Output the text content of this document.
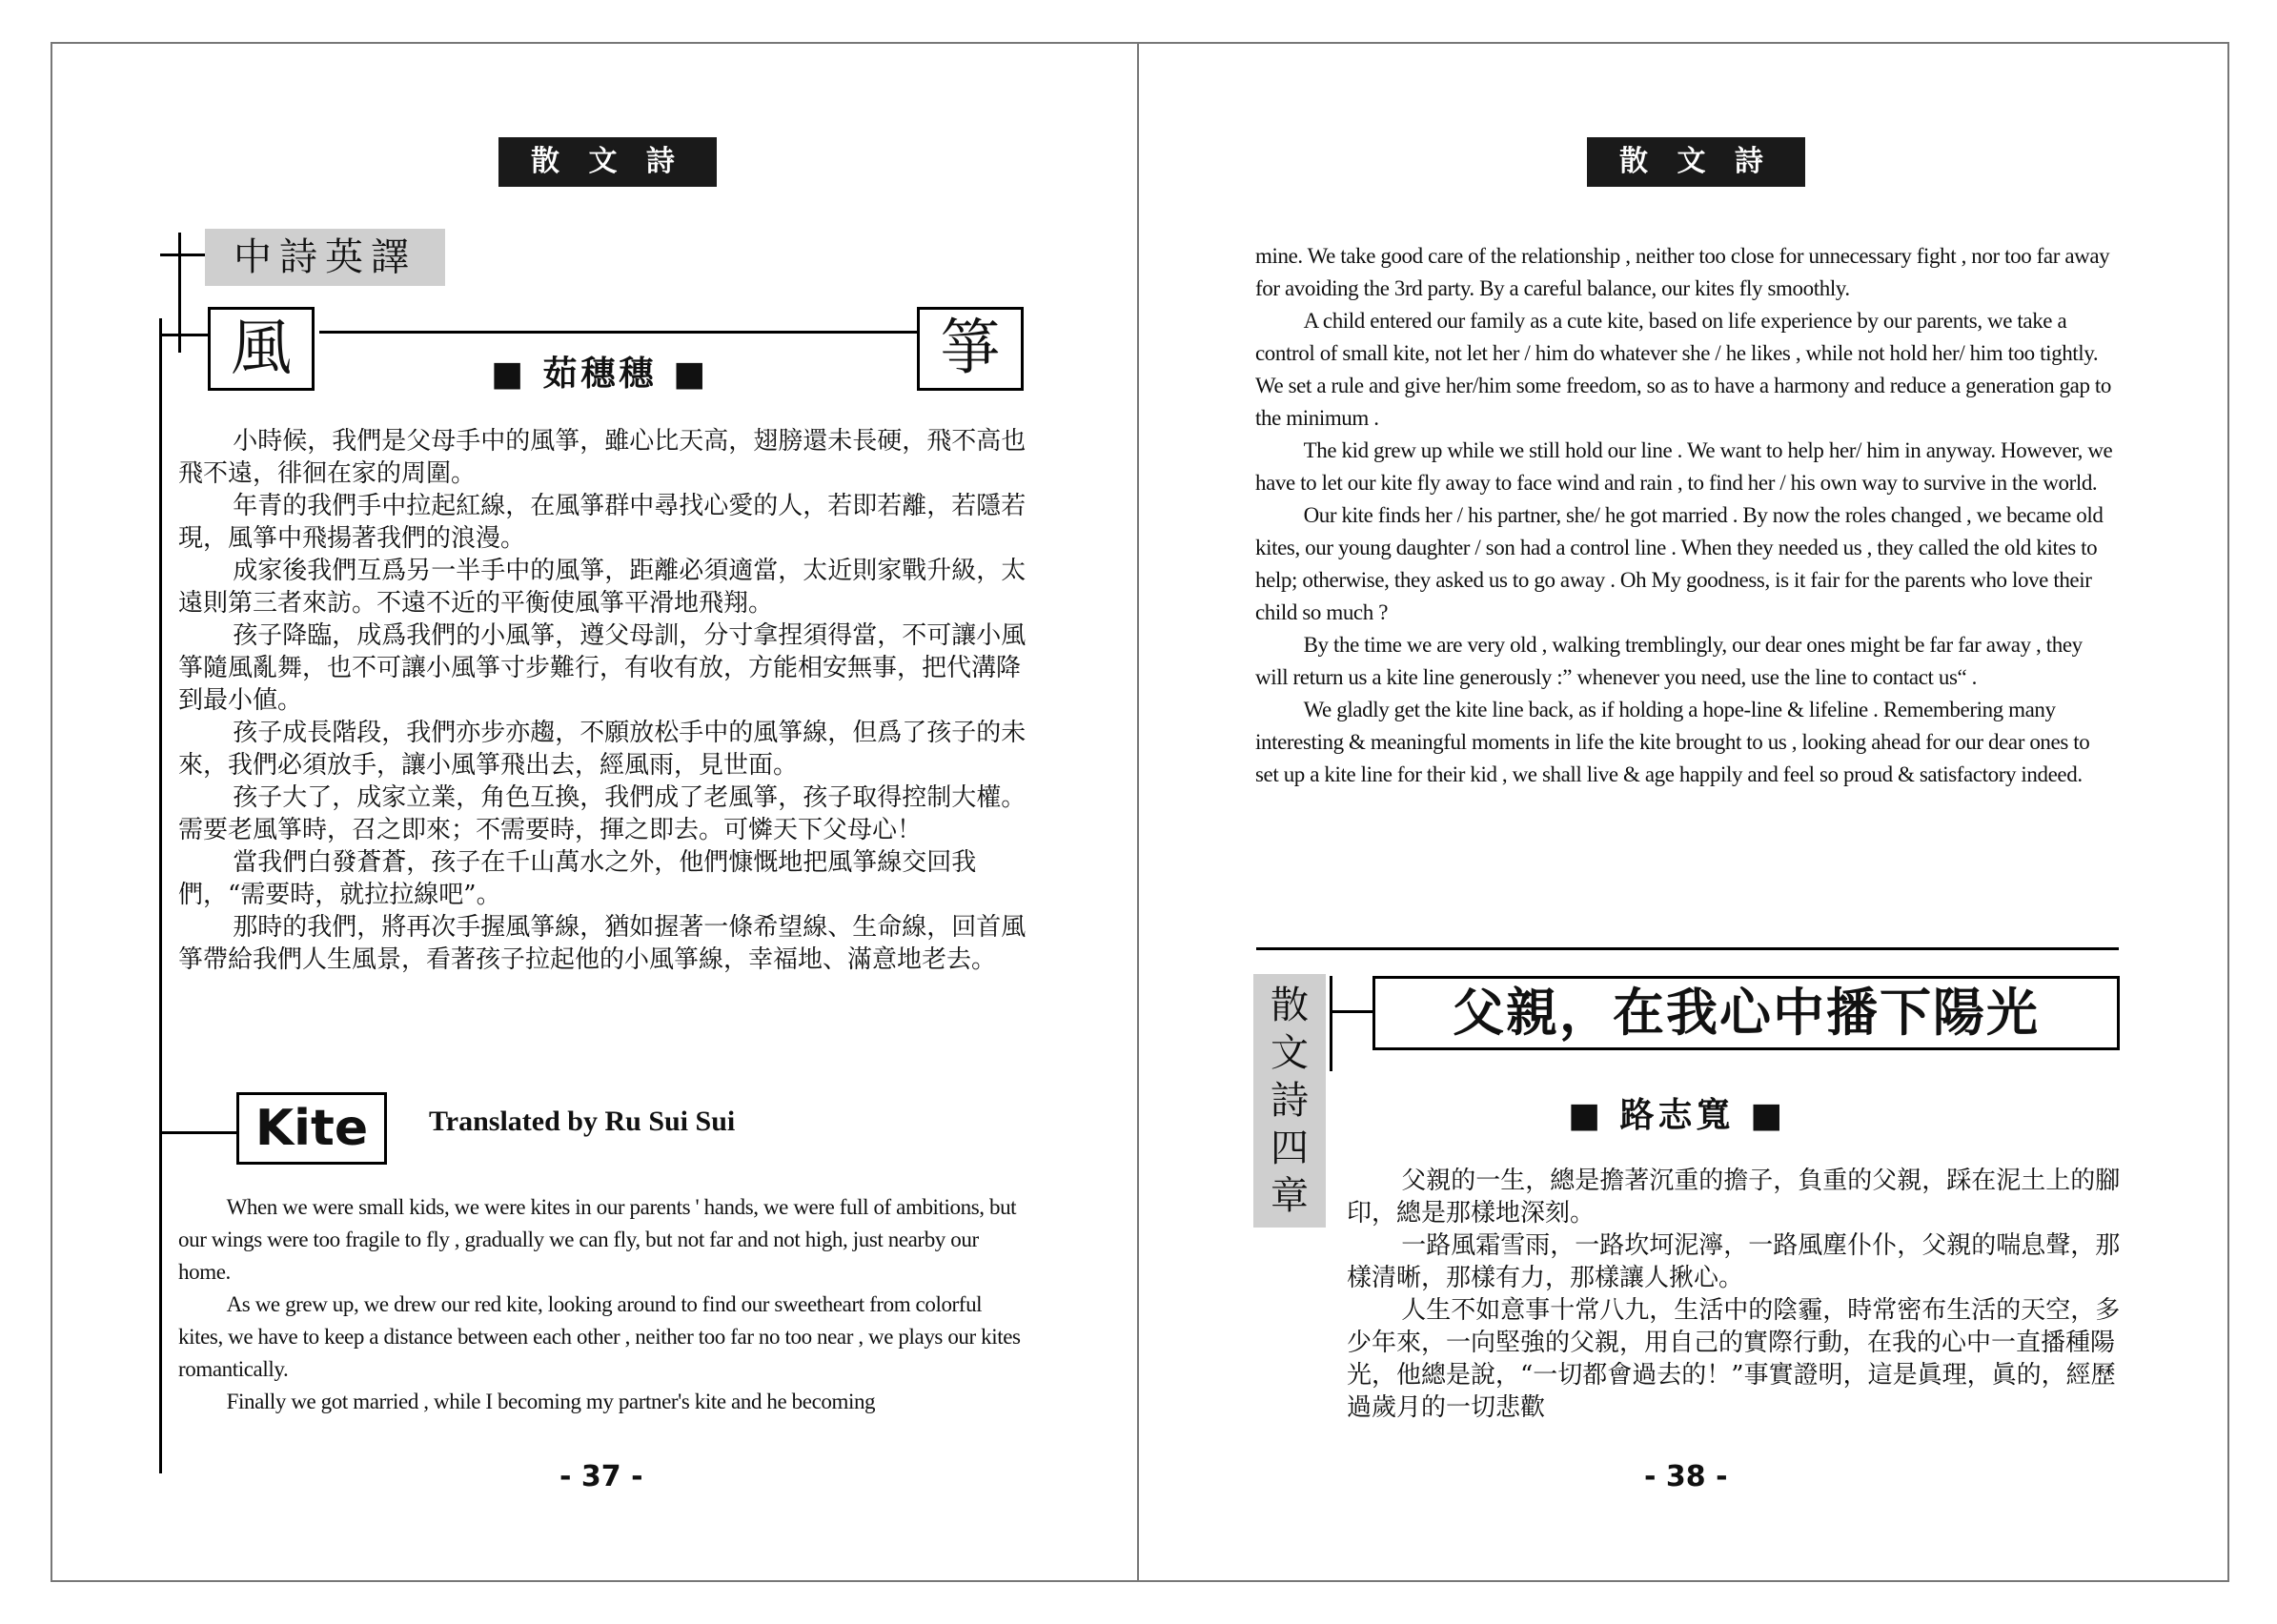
散 文 詩
中詩英譯
風	箏
■ 茹穗穗 ■

小時候，我們是父母手中的風箏，雖心比天高，翅膀還未長硬，飛不高也飛不遠，徘徊在家的周圍。

年青的我們手中拉起紅線，在風箏群中尋找心愛的人，若即若離，若隱若現，風箏中飛揚著我們的浪漫。

成家後我們互爲另一半手中的風箏，距離必須適當，太近則家戰升級，太遠則第三者來訪。不遠不近的平衡使風箏平滑地飛翔。

孩子降臨，成爲我們的小風箏，遵父母訓，分寸拿捏須得當，不可讓小風箏隨風亂舞，也不可讓小風箏寸步難行，有收有放，方能相安無事，把代溝降到最小値。

孩子成長階段，我們亦步亦趨，不願放松手中的風箏線，但爲了孩子的未來，我們必須放手，讓小風箏飛出去，經風雨，見世面。

孩子大了，成家立業，角色互換，我們成了老風箏，孩子取得控制大權。需要老風箏時，召之即來；不需要時，揮之即去。可憐天下父母心！

當我們白發蒼蒼，孩子在千山萬水之外，他們慷慨地把風箏線交回我們，“需要時，就拉拉線吧”。

那時的我們，將再次手握風箏線，猶如握著一條希望線、生命線，回首風箏帶給我們人生風景，看著孩子拉起他的小風箏線，幸福地、滿意地老去。

Kite	Translated by Ru Sui Sui

When we were small kids, we were kites in our parents ' hands, we were full of ambitions, but our wings were too fragile to fly , gradually we can fly, but not far and not high, just nearby our home.

As we grew up, we drew our red kite, looking around to find our sweetheart from colorful kites, we have to keep a distance between each other , neither too far no too near , we plays our kites romantically.

Finally we got married , while I becoming my partner's kite and he becoming

- 37 -
散 文 詩

mine. We take good care of the relationship , neither too close for unnecessary fight , nor too far away for avoiding the 3rd party. By a careful balance, our kites fly smoothly.

A child entered our family as a cute kite, based on life experience by our parents, we take a control of small kite, not let her / him do whatever she / he likes , while not hold her/ him too tightly. We set a rule and give her/him some freedom, so as to have a harmony and reduce a generation gap to the minimum .

The kid grew up while we still hold our line . We want to help her/ him in anyway. However, we have to let our kite fly away to face wind and rain , to find her / his own way to survive in the world.

Our kite finds her / his partner, she/ he got married . By now the roles changed , we became old kites, our young daughter / son had a control line . When they needed us , they called the old kites to help; otherwise, they asked us to go away . Oh My goodness, is it fair for the parents who love their child so much ?

By the time we are very old , walking tremblingly, our dear ones might be far far away , they will return us a kite line generously :” whenever you need, use the line to contact us“ .

We gladly get the kite line back, as if holding a hope-line & lifeline . Remembering many interesting & meaningful moments in life the kite brought to us , looking ahead for our dear ones to set up a kite line for their kid , we shall live & age happily and feel so proud & satisfactory indeed.

散
文
詩
四
章
父親，在我心中播下陽光
■ 路志寬 ■

父親的一生，總是擔著沉重的擔子，負重的父親，踩在泥土上的腳印，總是那樣地深刻。

一路風霜雪雨，一路坎坷泥濘，一路風塵仆仆，父親的喘息聲，那樣清晰，那樣有力，那樣讓人揪心。

人生不如意事十常八九，生活中的陰霾，時常密布生活的天空，多少年來，一向堅強的父親，用自己的實際行動，在我的心中一直播種陽光，他總是說，“一切都會過去的！”事實證明，這是眞理，眞的，經歷過歲月的一切悲歡

- 38 -
